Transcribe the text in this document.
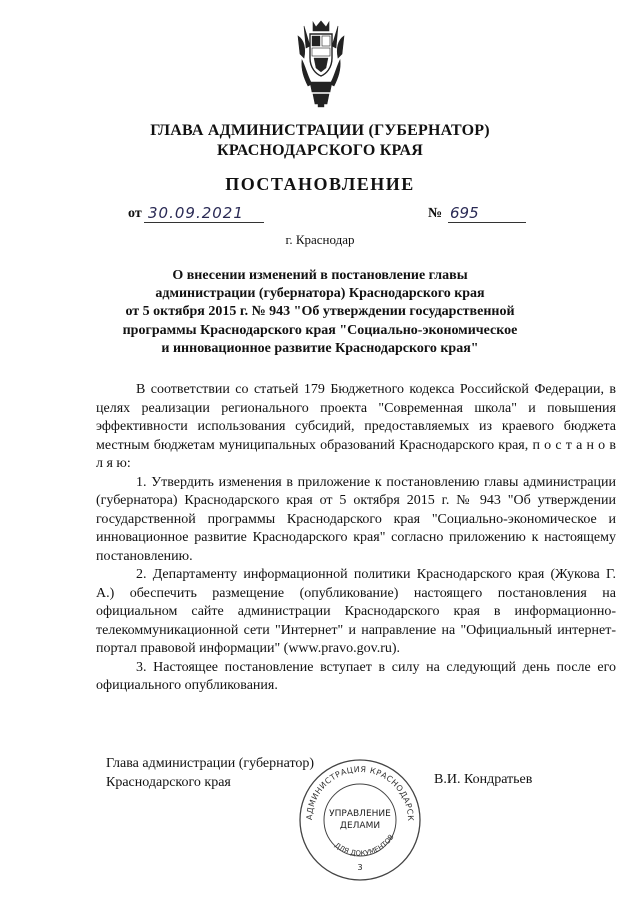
ГЛАВА АДМИНИСТРАЦИИ (ГУБЕРНАТОР)
КРАСНОДАРСКОГО КРАЯ
ПОСТАНОВЛЕНИЕ
от 30.09.2021	№ 695
г. Краснодар
О внесении изменений в постановление главы
администрации (губернатора) Краснодарского края
от 5 октября 2015 г. № 943 "Об утверждении государственной
программы Краснодарского края "Социально-экономическое
и инновационное развитие Краснодарского края"

В соответствии со статьей 179 Бюджетного кодекса Российской Федерации, в целях реализации регионального проекта "Современная школа" и повышения эффективности использования субсидий, предоставляемых из краевого бюджета местным бюджетам муниципальных образований Краснодарского края, п о с т а н о в л я ю:

1. Утвердить изменения в приложение к постановлению главы администрации (губернатора) Краснодарского края от 5 октября 2015 г. № 943 "Об утверждении государственной программы Краснодарского края "Социально-экономическое и инновационное развитие Краснодарского края" согласно приложению к настоящему постановлению.

2. Департаменту информационной политики Краснодарского края (Жукова Г. А.) обеспечить размещение (опубликование) настоящего постановления на официальном сайте администрации Краснодарского края в информационно-телекоммуникационной сети "Интернет" и направление на "Официальный интернет-портал правовой информации" (www.pravo.gov.ru).

3. Настоящее постановление вступает в силу на следующий день после его официального опубликования.

Глава администрации (губернатор)
Краснодарского края	В.И. Кондратьев
АДМИНИСТРАЦИЯ КРАСНОДАРСК
ДЛЯ ДОКУМЕНТОВ
УПРАВЛЕНИЕ
ДЕЛАМИ
3
